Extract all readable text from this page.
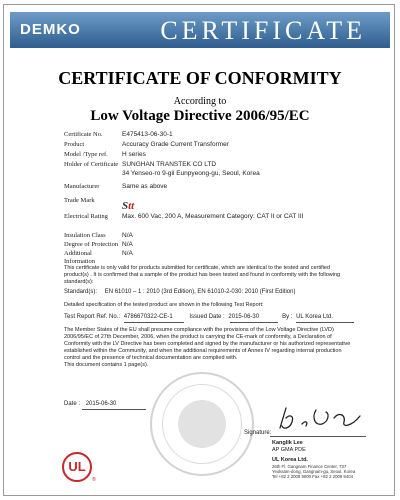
DEMKO	CERTIFICATE
CERTIFICATE OF CONFORMITY
According to
Low Voltage Directive 2006/95/EC
Certificate No.	E475413-06-30-1
Product	Accuracy Grade Current Transformer
Model /Type ref.	H series
Holder of Certificate SUNGHAN TRANSTEK CO LTD
34 Yenseo-ro 9-gil Eunpyeong-gu, Seoul, Korea
Manufacturer	Same as above
Trade Mark	Stt
Electrical Rating	Max. 600 Vac, 200 A, Measurement Category: CAT II or CAT III
Insulation Class	N/A
Degree of Protection N/A
Additional Information
N/A
This certificate is only valid for products submitted for certificate, which are identical to the tested and certified product(s) . It is confirmed that a sample of the product has been tested and found in conformity with the following standard(s):
Standard(s): EN 61010 – 1 : 2010 (3rd Edition), EN 61010-2-030: 2010 (First Edition)
Detailed specification of the tested product are shown in the following Test Report:
Test Report Ref. No.: 4786670322-CE-1	Issued Date : 2015-06-30	By : UL Korea Ltd.
The Member States of the EU shall presume compliance with the provisions of the Low Voltage Directive (LVD) 2006/95/EC of 27th December, 2006, when the product is carrying the CE-mark of conformity, a Declaration of Conformity with the LV Directive has been completed and signed by the manufacturer or his authorized representative established within the Community, and when the additional requirements of Annex IV regarding internal production control and the presence of technical documentation are complied with.
This document contains 1 page(s).
Date : 2015-06-30
Signature:
Kanglik Lee
AP GMA PDE
UL Korea Ltd.
26th Fl. Gangnam Finance Center, 737
Yeoksam-dong, Gangnam-gu, Seoul, Korea
Tel +82 2 2009 9000 Fax +82 2 2009 9404
UL
®
